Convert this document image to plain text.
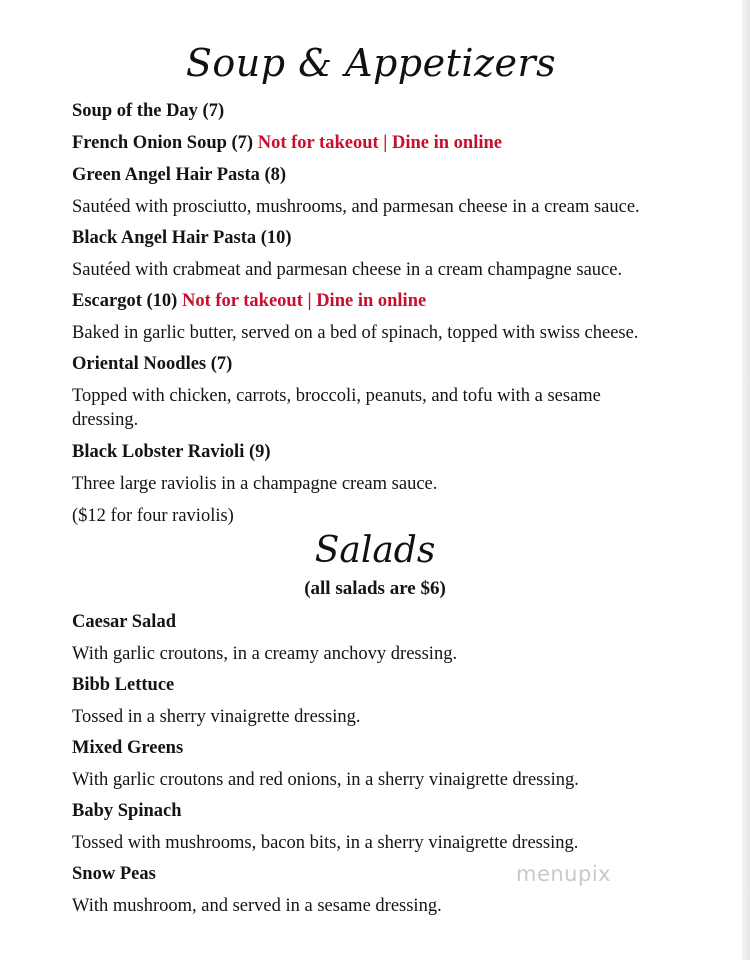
Soup & Appetizers
Soup of the Day (7)
French Onion Soup (7) Not for takeout | Dine in online
Green Angel Hair Pasta (8)
Sautéed with prosciutto, mushrooms, and parmesan cheese in a cream sauce.
Black Angel Hair Pasta (10)
Sautéed with crabmeat and parmesan cheese in a cream champagne sauce.
Escargot (10) Not for takeout | Dine in online
Baked in garlic butter, served on a bed of spinach, topped with swiss cheese.
Oriental Noodles (7)
Topped with chicken, carrots, broccoli, peanuts, and tofu with a sesame
dressing.
Black Lobster Ravioli (9)
Three large raviolis in a champagne cream sauce.
($12 for four raviolis)
Salads
(all salads are $6)
Caesar Salad
With garlic croutons, in a creamy anchovy dressing.
Bibb Lettuce
Tossed in a sherry vinaigrette dressing.
Mixed Greens
With garlic croutons and red onions, in a sherry vinaigrette dressing.
Baby Spinach
Tossed with mushrooms, bacon bits, in a sherry vinaigrette dressing.
Snow Peas
With mushroom, and served in a sesame dressing.
menupix
